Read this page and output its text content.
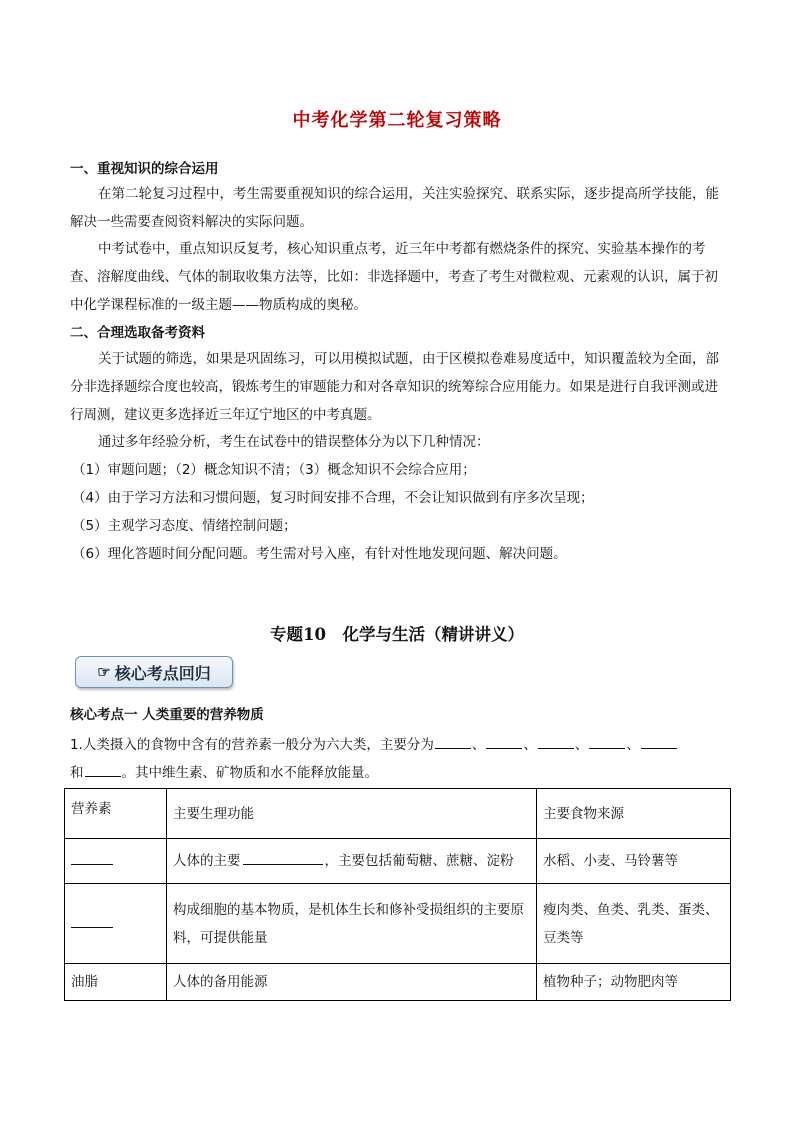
中考化学第二轮复习策略
一、重视知识的综合运用

在第二轮复习过程中，考生需要重视知识的综合运用，关注实验探究、联系实际，逐步提高所学技能，能解决一些需要查阅资料解决的实际问题。

中考试卷中，重点知识反复考，核心知识重点考，近三年中考都有燃烧条件的探究、实验基本操作的考查、溶解度曲线、气体的制取收集方法等，比如：非选择题中，考查了考生对微粒观、元素观的认识，属于初中化学课程标准的一级主题——物质构成的奥秘。

二、合理选取备考资料

关于试题的筛选，如果是巩固练习，可以用模拟试题，由于区模拟卷难易度适中，知识覆盖较为全面，部分非选择题综合度也较高，锻炼考生的审题能力和对各章知识的统筹综合应用能力。如果是进行自我评测或进行周测，建议更多选择近三年辽宁地区的中考真题。

通过多年经验分析，考生在试卷中的错误整体分为以下几种情况：

（1）审题问题；（2）概念知识不清；（3）概念知识不会综合应用；
（4）由于学习方法和习惯问题，复习时间安排不合理，不会让知识做到有序多次呈现；
（5）主观学习态度、情绪控制问题；
（6）理化答题时间分配问题。考生需对号入座，有针对性地发现问题、解决问题。
专题10　化学与生活（精讲讲义）
☞ 核心考点回归
核心考点一 人类重要的营养物质

1.人类摄入的食物中含有的营养素一般分为六大类，主要分为	、	、	、	、
和	。其中维生素、矿物质和水不能释放能量。

营养素	主要生理功能	主要食物来源
	人体的主要 ，主要包括葡萄糖、蔗糖、淀粉	水稻、小麦、马铃薯等
	构成细胞的基本物质，是机体生长和修补受损组织的主要原料，可提供能量	瘦肉类、鱼类、乳类、蛋类、豆类等
油脂	人体的备用能源	植物种子；动物肥肉等
